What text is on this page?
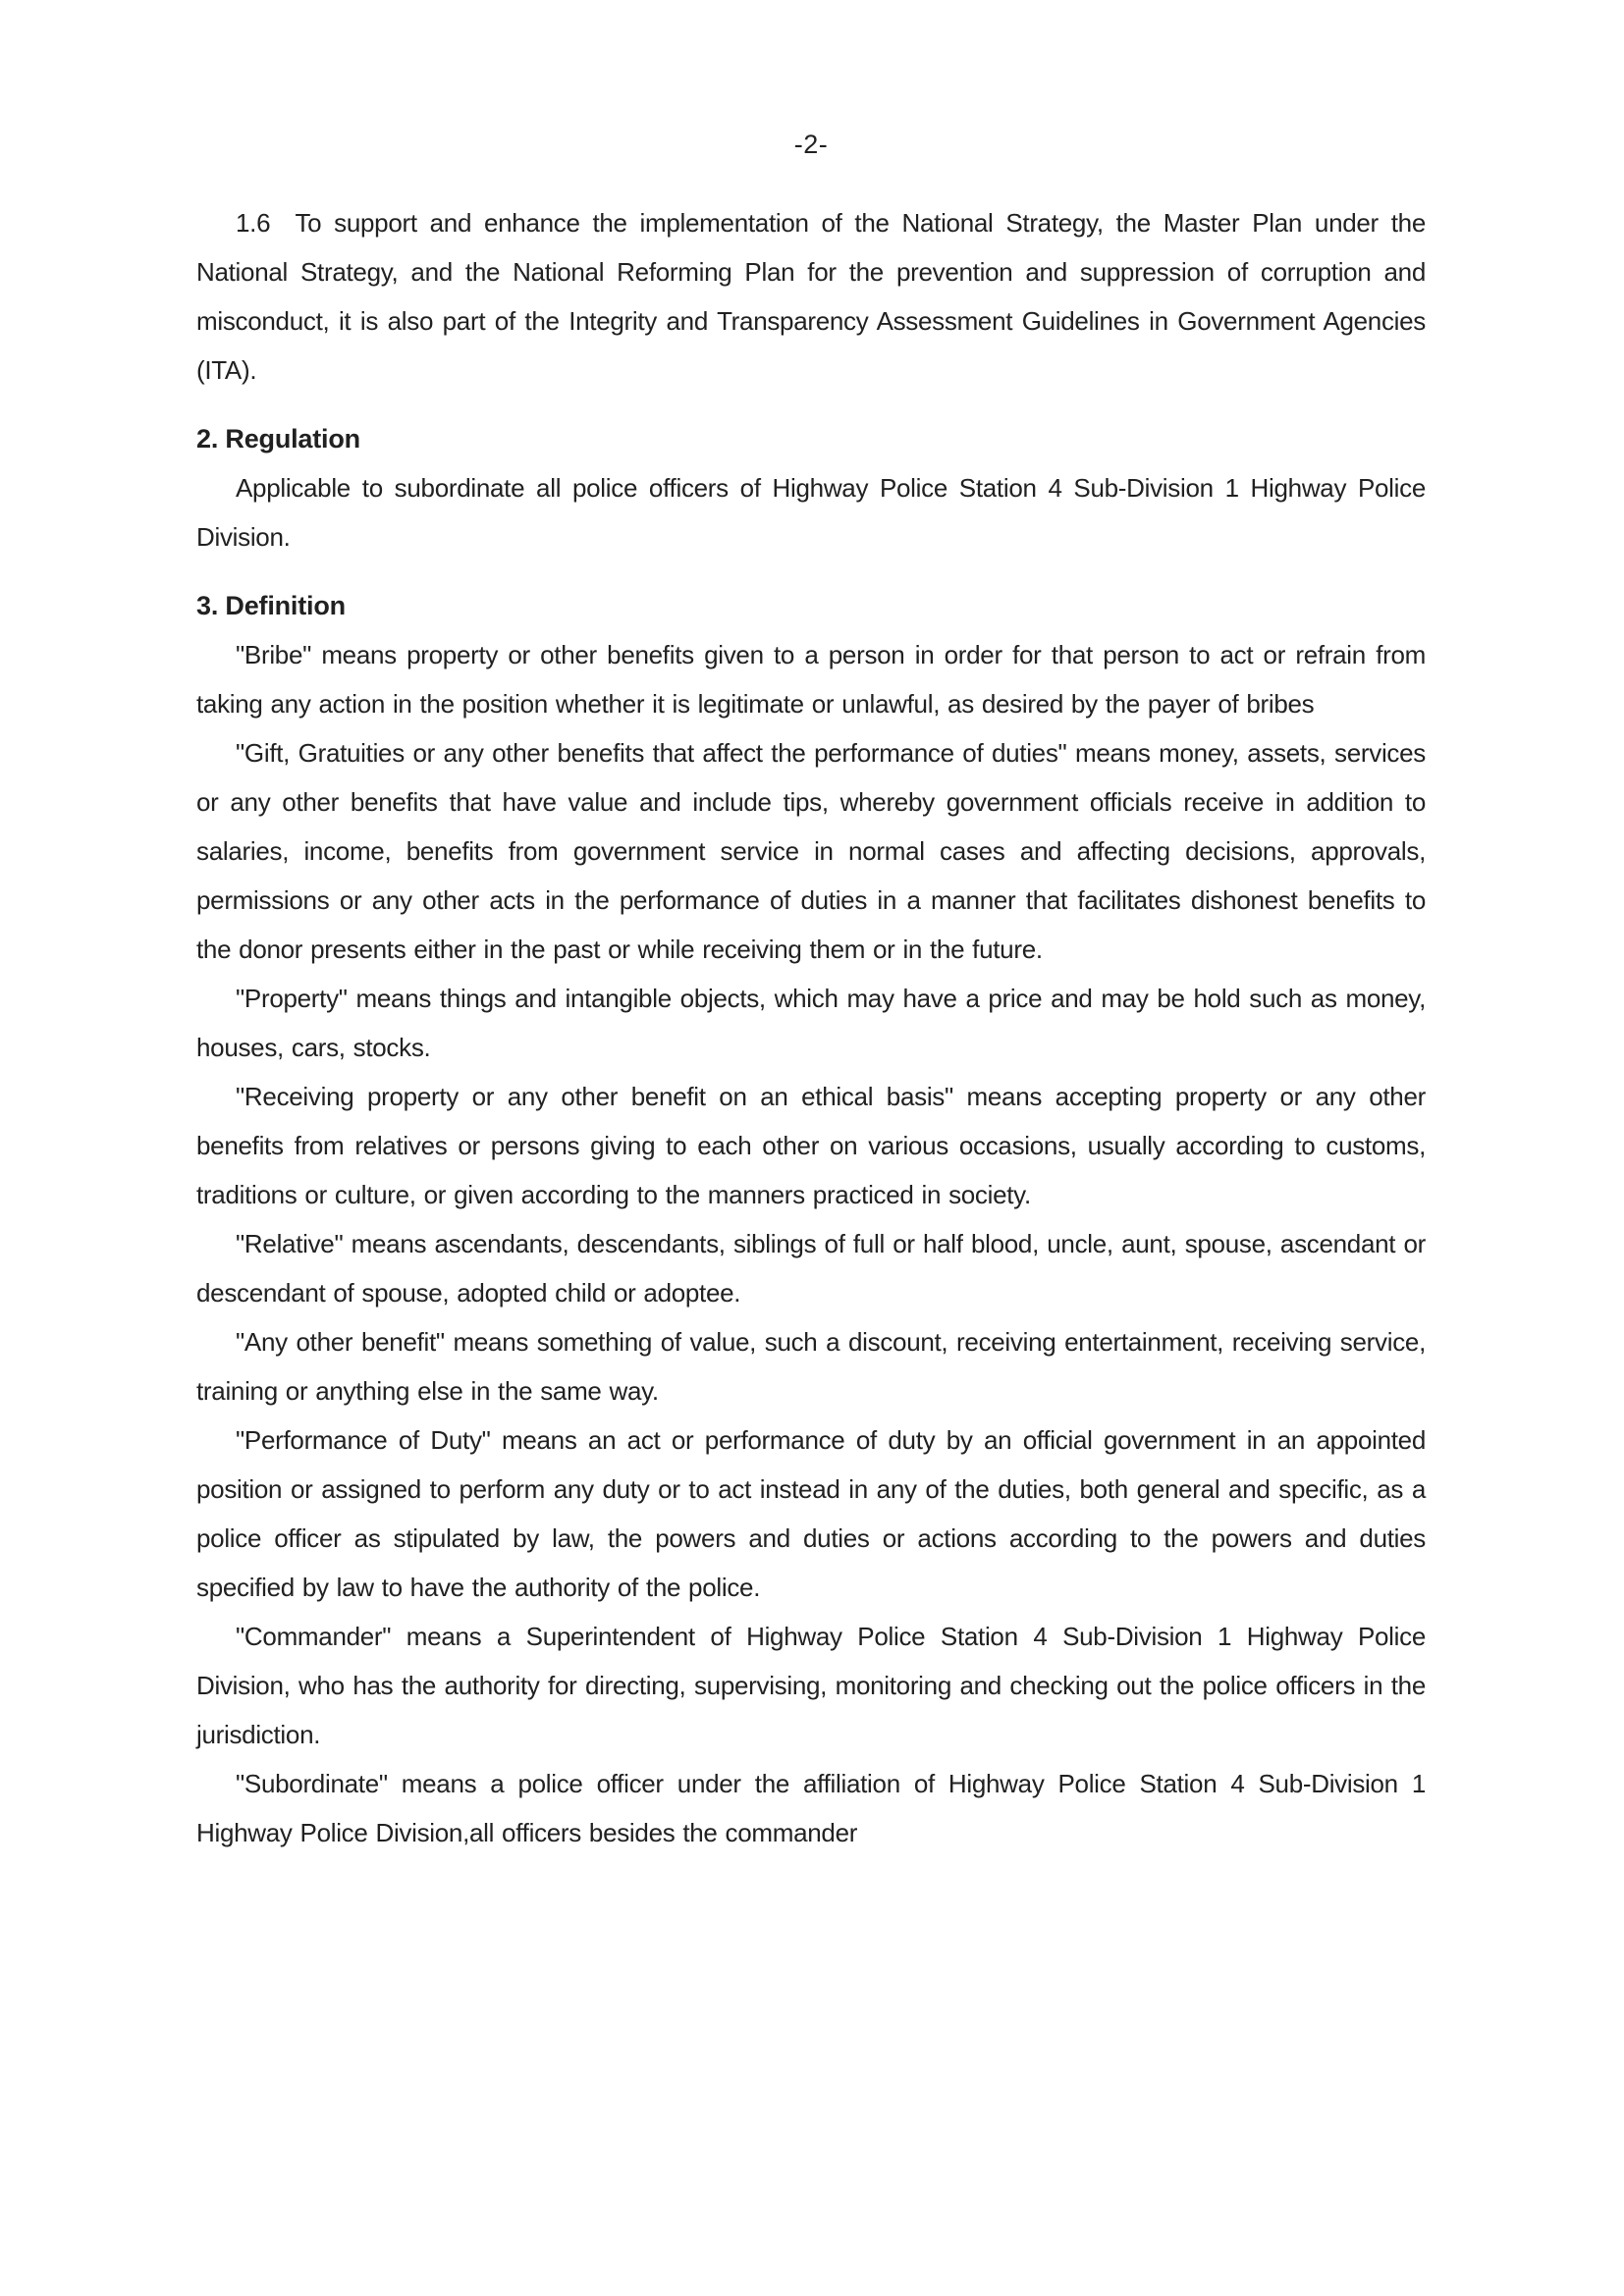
-2-

1.6  To support and enhance the implementation of the National Strategy, the Master Plan under the National Strategy, and the National Reforming Plan for the prevention and suppression of corruption and misconduct, it is also part of the Integrity and Transparency Assessment Guidelines in Government Agencies (ITA).

2. Regulation

Applicable to subordinate all police officers of Highway Police Station 4 Sub-Division 1 Highway Police Division.

3. Definition

"Bribe" means property or other benefits given to a person in order for that person to act or refrain from taking any action in the position whether it is legitimate or unlawful, as desired by the payer of bribes

"Gift, Gratuities or any other benefits that affect the performance of duties" means money, assets, services or any other benefits that have value and include tips, whereby government officials receive in addition to salaries, income, benefits from government service in normal cases and affecting decisions, approvals, permissions or any other acts in the performance of duties in a manner that facilitates dishonest benefits to the donor presents either in the past or while receiving them or in the future.

"Property" means things and intangible objects, which may have a price and may be hold such as money, houses, cars, stocks.

"Receiving property or any other benefit on an ethical basis" means accepting property or any other benefits from relatives or persons giving to each other on various occasions, usually according to customs, traditions or culture, or given according to the manners practiced in society.

"Relative" means ascendants, descendants, siblings of full or half blood, uncle, aunt, spouse, ascendant or descendant of spouse, adopted child or adoptee.

"Any other benefit" means something of value, such a discount, receiving entertainment, receiving service, training or anything else in the same way.

"Performance of Duty" means an act or performance of duty by an official government in an appointed position or assigned to perform any duty or to act instead in any of the duties, both general and specific, as a police officer as stipulated by law, the powers and duties or actions according to the powers and duties specified by law to have the authority of the police.

"Commander" means a Superintendent of Highway Police Station 4 Sub-Division 1 Highway Police Division, who has the authority for directing, supervising, monitoring and checking out the police officers in the jurisdiction.

"Subordinate" means a police officer under the affiliation of Highway Police Station 4 Sub-Division 1 Highway Police Division,all officers besides the commander
